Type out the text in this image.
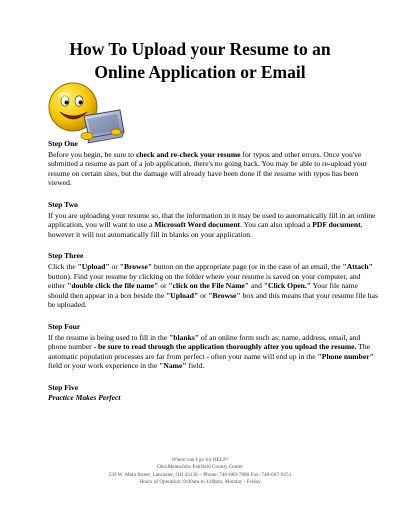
How To Upload your Resume to an
Online Application or Email
Step One

Before you begin, be sure to check and re-check your resume for typos and other errors. Once you've submitted a resume as part of a job application, there's no going back. You may be able to re-upload your resume on certain sites, but the damage will already have been done if the resume with typos has been viewed.

Step Two

If you are uploading your resume so, that the information in it may be used to automatically fill in an online application, you will want to use a Microsoft Word document. You can also upload a PDF document, however it will not automatically fill in blanks on your application.

Step Three

Click the "Upload" or "Browse" button on the appropriate page (or in the case of an email, the "Attach" button). Find your resume by clicking on the folder where your resume is saved on your computer, and either "double click the file name" or "click on the File Name" and "Click Open." Your file name should then appear in a box beside the "Upload" or "Browse" box and this means that your resume file has be uploaded.

Step Four

If the resume is being used to fill in the "blanks" of an online form such as: name, address, email, and phone number - be sure to read through the application thoroughly after you upload the resume. The automatic population processes are far from perfect - often your name will end up in the "Phone number" field or your work experience in the "Name" field.

Step Five
Practice Makes Perfect
Where can I go for HELP?
OhioMeansJobs Fairfield County Center
239 W. Main Street, Lancaster, OH 43130 ~ Phone: 740-689-7880 Fax: 740-687-9251
Hours of Operation: 8:00am to 4:00pm, Monday - Friday
